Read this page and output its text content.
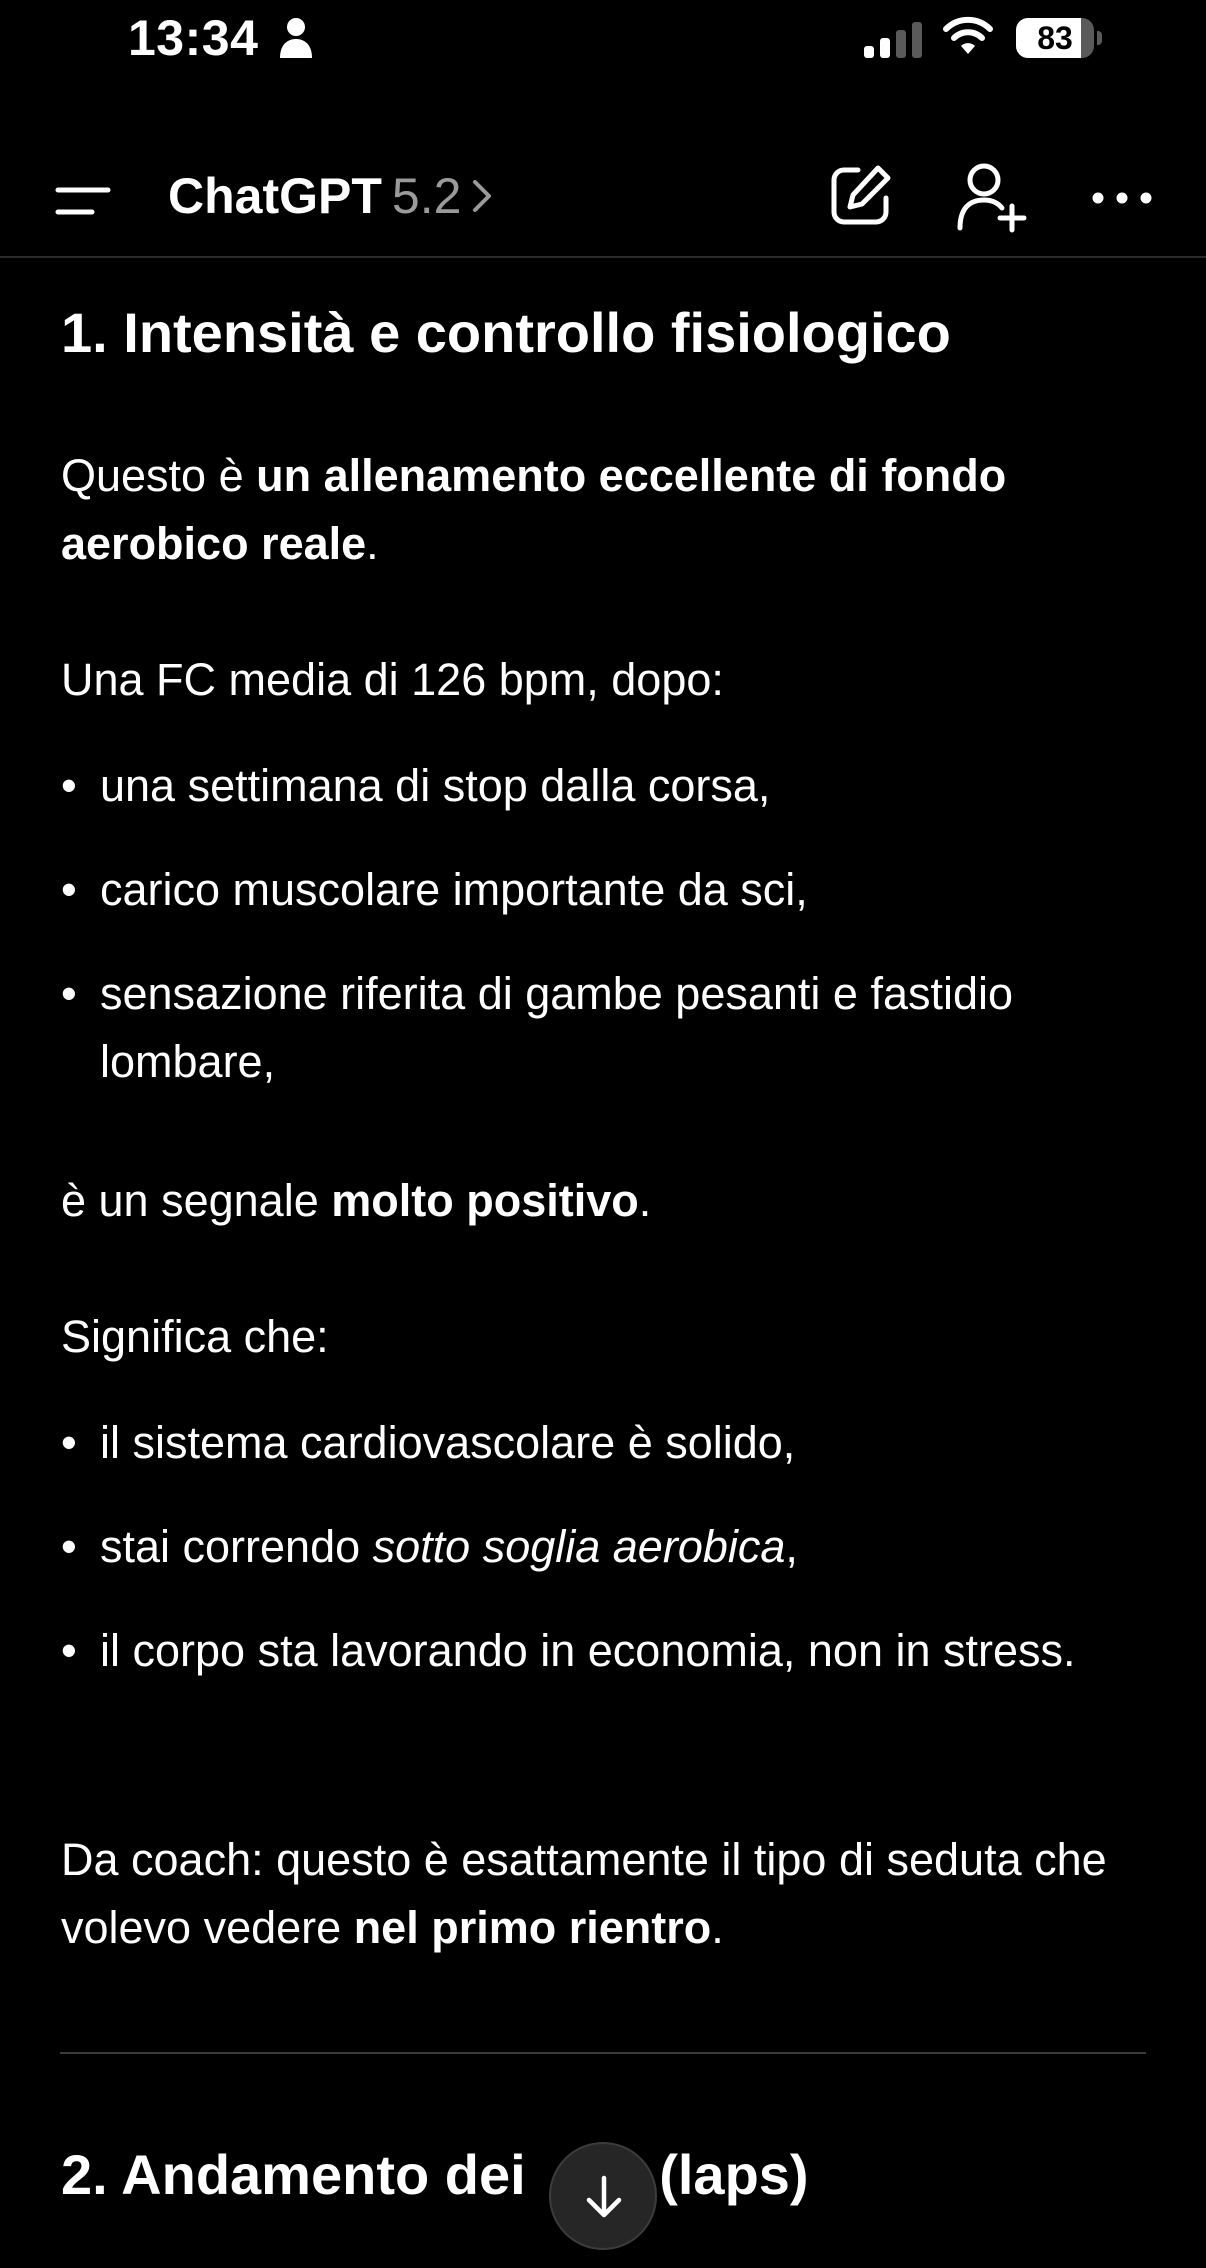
13:34	83
ChatGPT 5.2
1. Intensità e controllo fisiologico
Questo è un allenamento eccellente di fondo aerobico reale.
Una FC media di 126 bpm, dopo:
• una settimana di stop dalla corsa,
• carico muscolare importante da sci,
• sensazione riferita di gambe pesanti e fastidio lombare,
è un segnale molto positivo.
Significa che:
• il sistema cardiovascolare è solido,
• stai correndo sotto soglia aerobica,
• il corpo sta lavorando in economia, non in stress.
Da coach: questo è esattamente il tipo di seduta che volevo vedere nel primo rientro.
2. Andamento dei (laps)
